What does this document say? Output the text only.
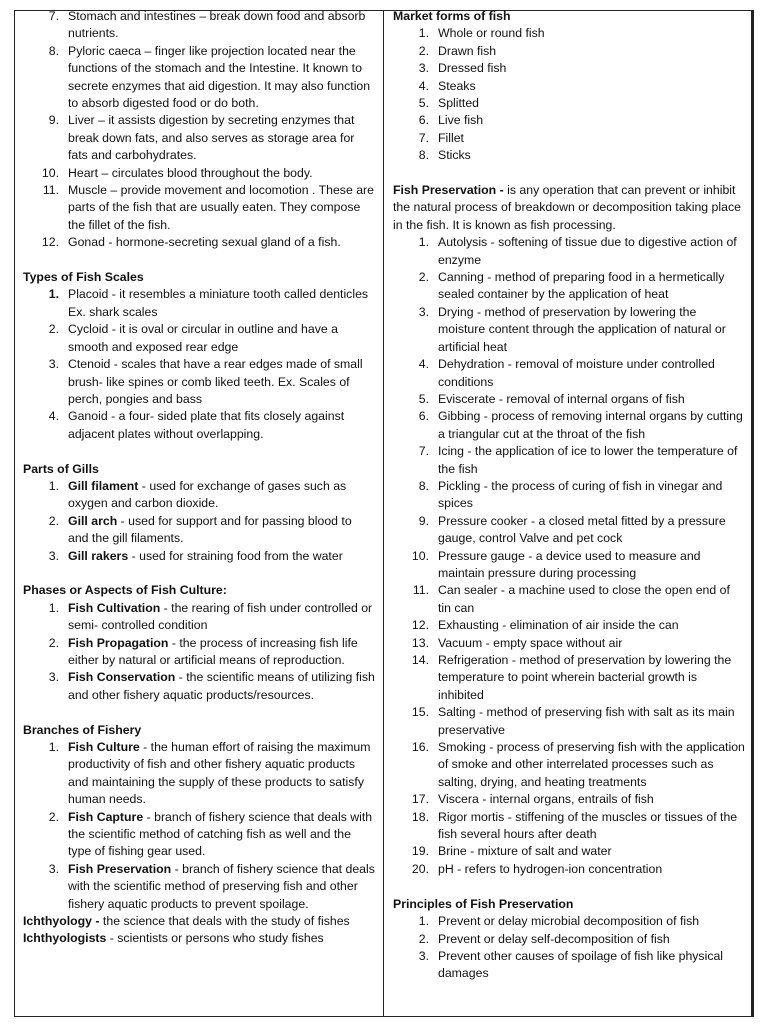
7. Stomach and intestines – break down food and absorb nutrients.
8. Pyloric caeca – finger like projection located near the functions of the stomach and the Intestine. It known to secrete enzymes that aid digestion. It may also function to absorb digested food or do both.
9. Liver – it assists digestion by secreting enzymes that break down fats, and also serves as storage area for fats and carbohydrates.
10. Heart – circulates blood throughout the body.
11. Muscle – provide movement and locomotion . These are parts of the fish that are usually eaten. They compose the fillet of the fish.
12. Gonad - hormone-secreting sexual gland of a fish.
Types of Fish Scales
1. Placoid - it resembles a miniature tooth called denticles Ex. shark scales
2. Cycloid - it is oval or circular in outline and have a smooth and exposed rear edge
3. Ctenoid - scales that have a rear edges made of small brush- like spines or comb liked teeth. Ex. Scales of perch, pongies and bass
4. Ganoid - a four- sided plate that fits closely against adjacent plates without overlapping.
Parts of Gills
1. Gill filament - used for exchange of gases such as oxygen and carbon dioxide.
2. Gill arch - used for support and for passing blood to and the gill filaments.
3. Gill rakers - used for straining food from the water
Phases or Aspects of Fish Culture:
1. Fish Cultivation - the rearing of fish under controlled or semi- controlled condition
2. Fish Propagation - the process of increasing fish life either by natural or artificial means of reproduction.
3. Fish Conservation - the scientific means of utilizing fish and other fishery aquatic products/resources.
Branches of Fishery
1. Fish Culture - the human effort of raising the maximum productivity of fish and other fishery aquatic products and maintaining the supply of these products to satisfy human needs.
2. Fish Capture - branch of fishery science that deals with the scientific method of catching fish as well and the type of fishing gear used.
3. Fish Preservation - branch of fishery science that deals with the scientific method of preserving fish and other fishery aquatic products to prevent spoilage.

Ichthyology - the science that deals with the study of fishes

Ichthyologists - scientists or persons who study fishes

Market forms of fish
1. Whole or round fish
2. Drawn fish
3. Dressed fish
4. Steaks
5. Splitted
6. Live fish
7. Fillet
8. Sticks

Fish Preservation - is any operation that can prevent or inhibit the natural process of breakdown or decomposition taking place in the fish. It is known as fish processing.

1. Autolysis - softening of tissue due to digestive action of enzyme
2. Canning - method of preparing food in a hermetically sealed container by the application of heat
3. Drying - method of preservation by lowering the moisture content through the application of natural or artificial heat
4. Dehydration - removal of moisture under controlled conditions
5. Eviscerate - removal of internal organs of fish
6. Gibbing - process of removing internal organs by cutting a triangular cut at the throat of the fish
7. Icing - the application of ice to lower the temperature of the fish
8. Pickling - the process of curing of fish in vinegar and spices
9. Pressure cooker - a closed metal fitted by a pressure gauge, control Valve and pet cock
10. Pressure gauge - a device used to measure and maintain pressure during processing
11. Can sealer - a machine used to close the open end of tin can
12. Exhausting - elimination of air inside the can
13. Vacuum - empty space without air
14. Refrigeration - method of preservation by lowering the temperature to point wherein bacterial growth is inhibited
15. Salting - method of preserving fish with salt as its main preservative
16. Smoking - process of preserving fish with the application of smoke and other interrelated processes such as salting, drying, and heating treatments
17. Viscera - internal organs, entrails of fish
18. Rigor mortis - stiffening of the muscles or tissues of the fish several hours after death
19. Brine - mixture of salt and water
20. pH - refers to hydrogen-ion concentration
Principles of Fish Preservation
1. Prevent or delay microbial decomposition of fish
2. Prevent or delay self-decomposition of fish
3. Prevent other causes of spoilage of fish like physical damages
